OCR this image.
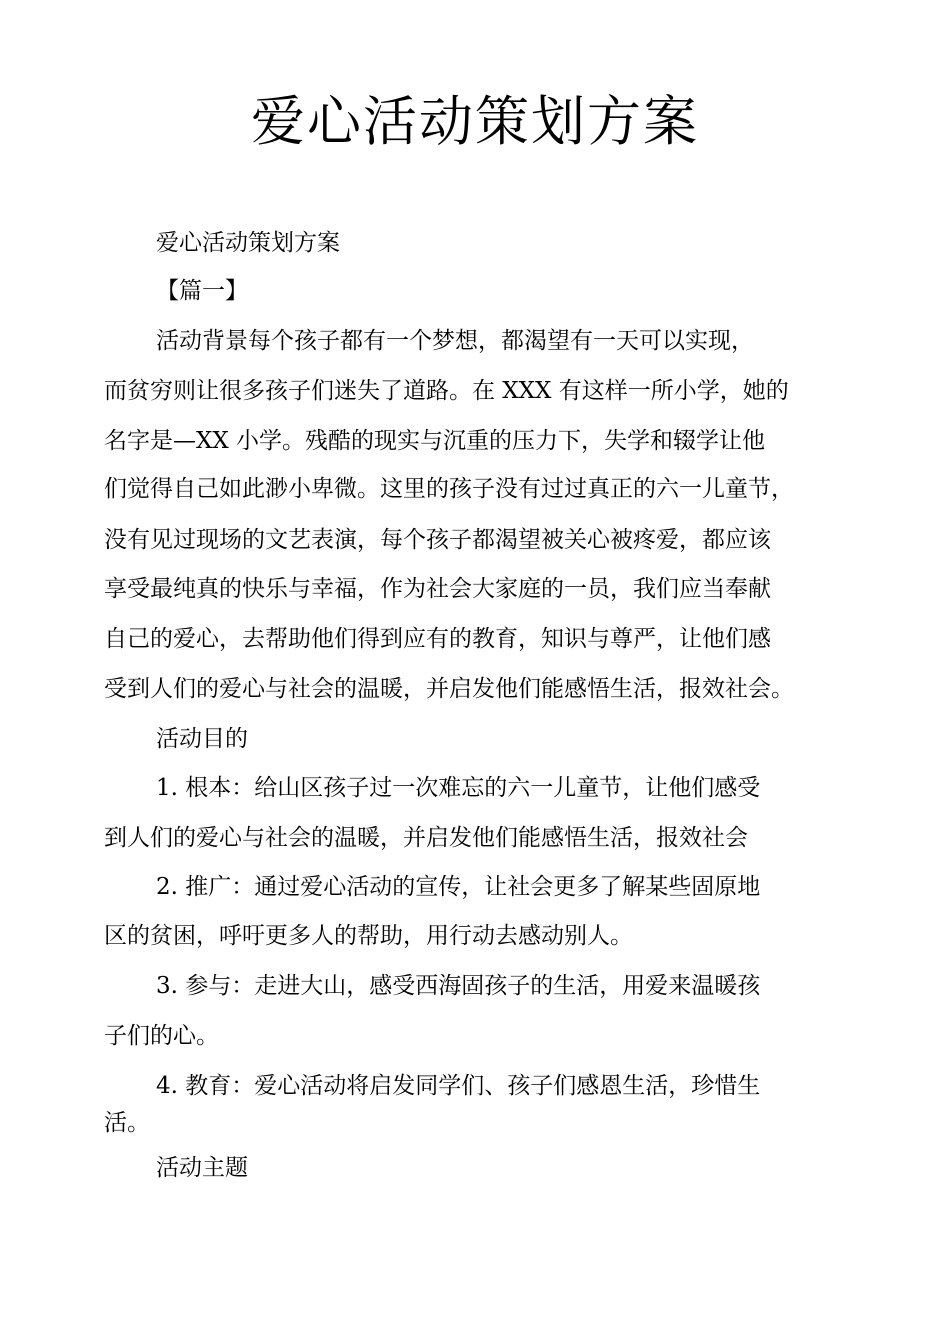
爱心活动策划方案
爱心活动策划方案
【篇一】
活动背景每个孩子都有一个梦想，都渴望有一天可以实现，
而贫穷则让很多孩子们迷失了道路。在 XXX 有这样一所小学，她的
名字是—XX 小学。残酷的现实与沉重的压力下，失学和辍学让他
们觉得自己如此渺小卑微。这里的孩子没有过过真正的六一儿童节，
没有见过现场的文艺表演，每个孩子都渴望被关心被疼爱，都应该
享受最纯真的快乐与幸福，作为社会大家庭的一员，我们应当奉献
自己的爱心，去帮助他们得到应有的教育，知识与尊严，让他们感
受到人们的爱心与社会的温暖，并启发他们能感悟生活，报效社会。
活动目的
1. 根本：给山区孩子过一次难忘的六一儿童节，让他们感受
到人们的爱心与社会的温暖，并启发他们能感悟生活，报效社会
2. 推广：通过爱心活动的宣传，让社会更多了解某些固原地
区的贫困，呼吁更多人的帮助，用行动去感动别人。
3. 参与：走进大山，感受西海固孩子的生活，用爱来温暖孩
子们的心。
4. 教育：爱心活动将启发同学们、孩子们感恩生活，珍惜生
活。
活动主题
